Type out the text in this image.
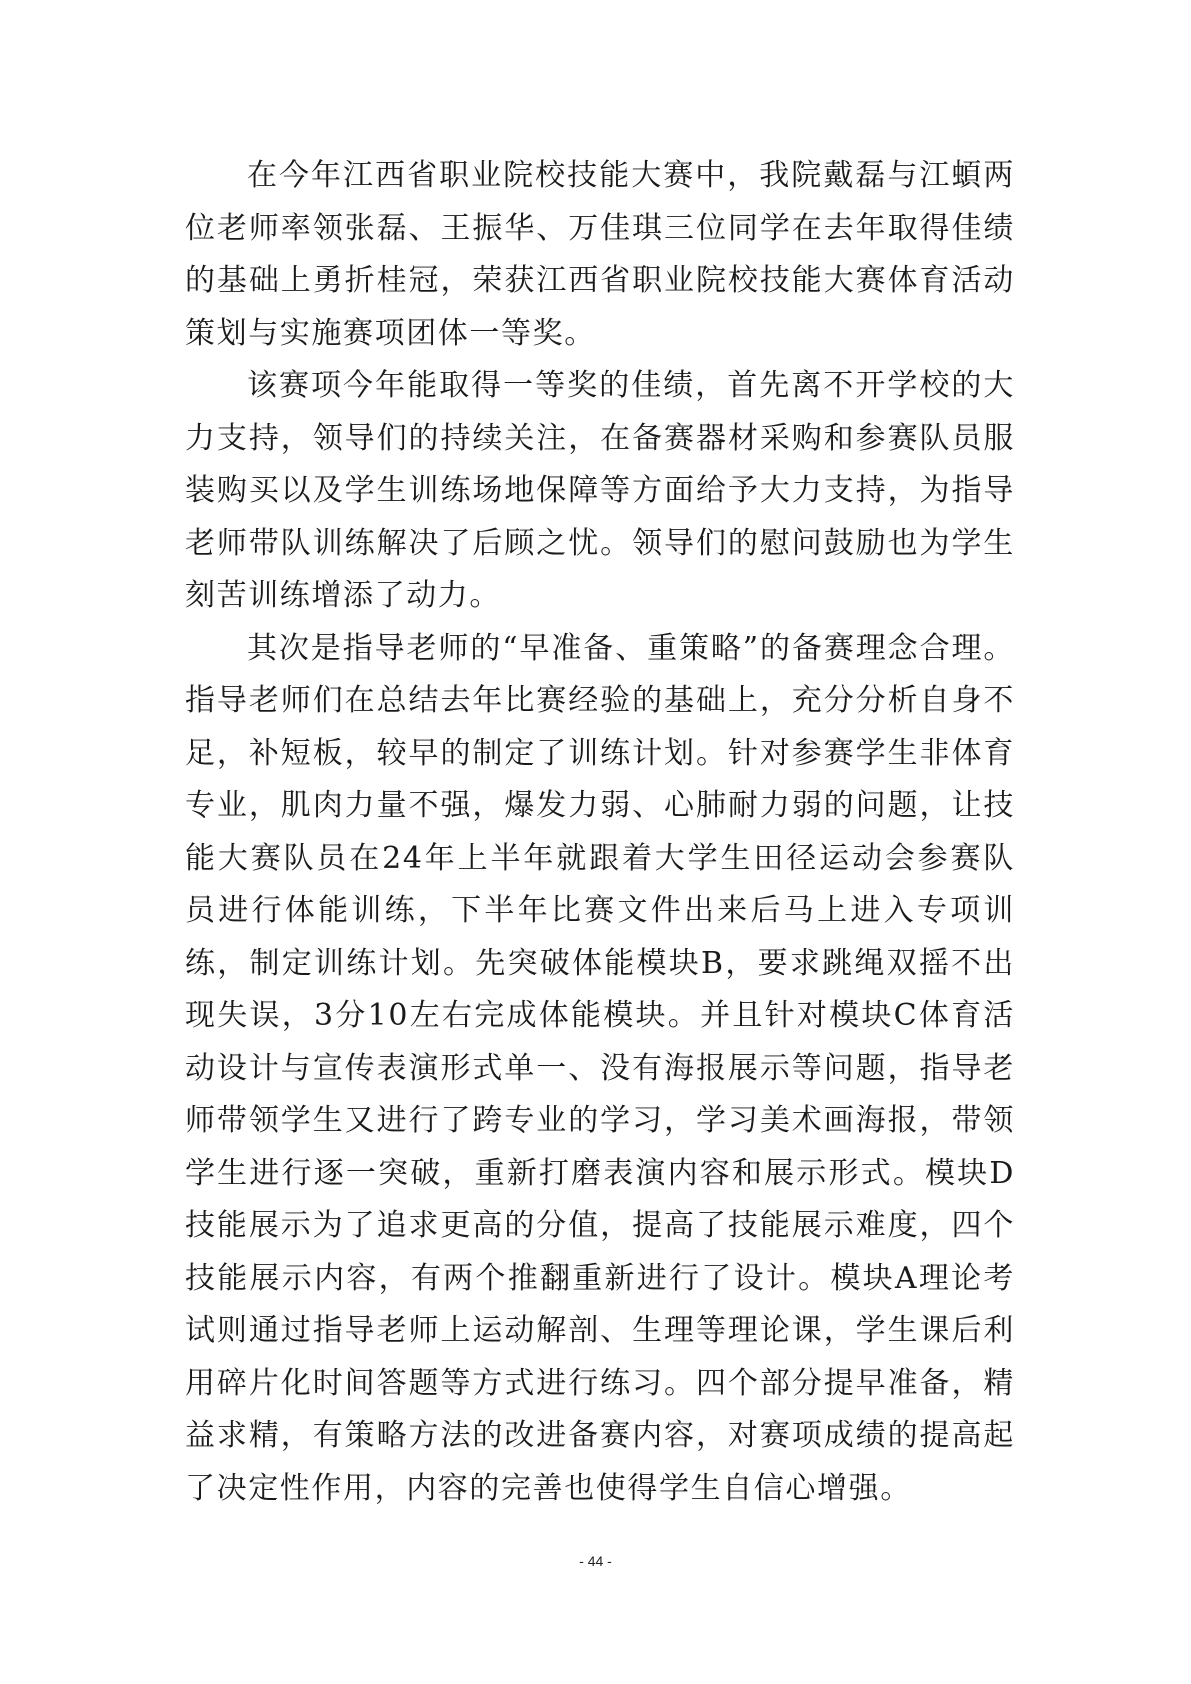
在今年江西省职业院校技能大赛中，我院戴磊与江蝢两位老师率领张磊、王振华、万佳琪三位同学在去年取得佳绩的基础上勇折桂冠，荣获江西省职业院校技能大赛体育活动策划与实施赛项团体一等奖。

该赛项今年能取得一等奖的佳绩，首先离不开学校的大力支持，领导们的持续关注，在备赛器材采购和参赛队员服装购买以及学生训练场地保障等方面给予大力支持，为指导老师带队训练解决了后顾之忧。领导们的慰问鼓励也为学生刻苦训练增添了动力。

其次是指导老师的“早准备、重策略”的备赛理念合理。指导老师们在总结去年比赛经验的基础上，充分分析自身不足，补短板，较早的制定了训练计划。针对参赛学生非体育专业，肌肉力量不强，爆发力弱、心肺耐力弱的问题，让技能大赛队员在24年上半年就跟着大学生田径运动会参赛队员进行体能训练，下半年比赛文件出来后马上进入专项训练，制定训练计划。先突破体能模块B，要求跳绳双摇不出现失误，3分10左右完成体能模块。并且针对模块C体育活动设计与宣传表演形式单一、没有海报展示等问题，指导老师带领学生又进行了跨专业的学习，学习美术画海报，带领学生进行逐一突破，重新打磨表演内容和展示形式。模块D技能展示为了追求更高的分值，提高了技能展示难度，四个技能展示内容，有两个推翻重新进行了设计。模块A理论考试则通过指导老师上运动解剖、生理等理论课，学生课后利用碎片化时间答题等方式进行练习。四个部分提早准备，精益求精，有策略方法的改进备赛内容，对赛项成绩的提高起了决定性作用，内容的完善也使得学生自信心增强。

- 44 -
